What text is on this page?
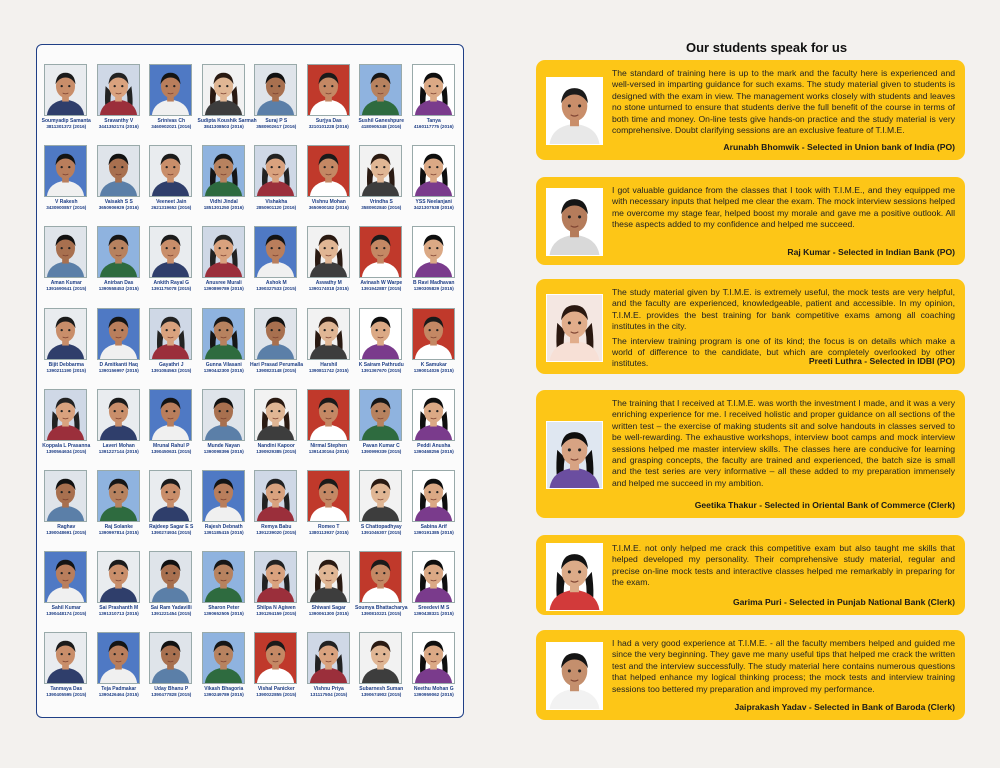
Soumyadip Samanta
3811301372 (2016)
Sravanthy V
3441352174 (2016)
Srinivas Ch
3460902021 (2016)
Sudipta Koushik Sarmah
3841308503 (2016)
Suraj P S
3580902617 (2016)
Surjya Das
3210101228 (2016)
Sushil Ganeshpure
4180905348 (2016)
Tanya
4160117775 (2016)
V Rakesh
3430900857 (2016)
Vaisakh S S
3650906929 (2016)
Veeneet Jain
2621319652 (2016)
Vidhi Jindal
1851301250 (2016)
Vishakha
2850901120 (2016)
Vishnu Mohan
3650900182 (2016)
Vrindha S
3580902840 (2016)
YSS Neelanjani
3421307538 (2016)
Aman Kumar
1391690641 (2015)
Anirban Das
1390558453 (2015)
Ankith Rayal G
1391175078 (2015)
Anusree Murali
1390899789 (2015)
Ashok M
1390327533 (2015)
Aswathy M
1390174018 (2015)
Avinash W Warpe
1391942887 (2015)
B Ravi Madhavan
1390305829 (2015)
Bijit Debbarma
1390211190 (2015)
D Amitkanti Haq
1390156997 (2015)
Gayathri J
1391084563 (2015)
Gunna Vilasani
1390442300 (2015)
Hari Prasad Perumalla
1390823148 (2015)
Harshil
1390811742 (2015)
K Sairam Pathrudu
1391367670 (2015)
K Samukar
1390014026 (2015)
Koppala L Prasanna
1390564634 (2015)
Laveri Mohan
1391227144 (2015)
Mrunal Rahul P
1390450631 (2015)
Munde Nayan
1390098396 (2015)
Nandini Kapoor
1390929385 (2015)
Nirmal Stephen
1391430164 (2015)
Pavan Kumar C
1390999339 (2015)
Peddi Anusha
1390468256 (2015)
Raghav
1390048691 (2015)
Raj Solanke
1390997814 (2015)
Rajdeep Sagar E S
1390274934 (2015)
Rajesh Debnath
1391185415 (2015)
Remya Babu
1391239020 (2015)
Romeo T
1380113937 (2015)
S Chattopadhyay
1391046307 (2015)
Sabina Arif
1390191385 (2015)
Sahil Kumar
1390448174 (2015)
Sai Prashanth M
1391310713 (2015)
Sai Ram Yadavilli
1391221454 (2015)
Sharon Peter
1390652505 (2015)
Shilpa N Agiwen
1391294159 (2015)
Shiwani Sagar
1390061300 (2015)
Soumya Bhattacharya
1390810221 (2015)
Sreedevi M S
1390438321 (2015)
Tanmaya Das
1390405595 (2015)
Teja Padmakar
1390426464 (2015)
Uday Bhanu P
1390477828 (2015)
Vikash Bhagoria
1390249789 (2015)
Vishal Panicker
1390022855 (2015)
Vishnu Priya
131117504 (2015)
Subarnesh Suman
1390674902 (2015)
Neethu Mohan G
1390959062 (2015)
Our students speak for us

The standard of training here is up to the mark and the faculty here is experienced and well-versed in imparting guidance for such exams. The study material given to students is designed with the exam in view. The management works closely with students and leaves no stone unturned to ensure that students derive the full benefit of the course in terms of both time and money. On-line tests give hands-on practice and the study material is very comprehensive. Doubt clarifying sessions are an exclusive feature of T.I.M.E.

Arunabh Bhomwik - Selected in Union bank of India (PO)

I got valuable guidance from the classes that I took with T.I.M.E., and they equipped me with necessary inputs that helped me clear the exam. The mock interview sessions helped me overcome my stage fear, helped boost my morale and gave me a positive outlook. All these aspects added to my confidence and helped me succeed.

Raj Kumar - Selected in Indian Bank (PO)

The study material given by T.I.M.E. is extremely useful, the mock tests are very helpful, and the faculty are experienced, knowledgeable, patient and accessible. In my opinion, T.I.M.E. provides the best training for bank competitive exams among all coaching institutes in the city.

The interview training program is one of its kind; the focus is on details which make a world of difference to the candidate, but which are completely overlooked by other institutes.	Preeti Luthra - Selected in IDBI (PO)

The training that I received at T.I.M.E. was worth the investment I made, and it was a very enriching experience for me. I received holistic and proper guidance on all sections of the written test – the exercise of making students sit and solve handouts in classes served to be well-rewarding. The exhaustive workshops, interview boot camps and mock interview sessions helped me master interview skills. The classes here are conducive for learning and grasping concepts, the faculty are trained and experienced, the batch size is small and the test series are very informative – all these added to my preparation immensely and helped me succeed in my ambition.

Geetika Thakur - Selected in Oriental Bank of Commerce (Clerk)

T.I.M.E. not only helped me crack this competitive exam but also taught me skills that helped developed my personality. Their comprehensive study material, regular and precise on-line mock tests and interactive classes helped me remarkably in preparing for the exam.

Garima Puri - Selected in Punjab National Bank (Clerk)

I had a very good experience at T.I.M.E. - all the faculty members helped and guided me since the very beginning. They gave me many useful tips that helped me crack the written test and the interview successfully. The study material here contains numerous questions that helped enhance my logical thinking process; the mock tests and interview training sessions too bettered my preparation and improved my performance.

Jaiprakash Yadav - Selected in Bank of Baroda (Clerk)
